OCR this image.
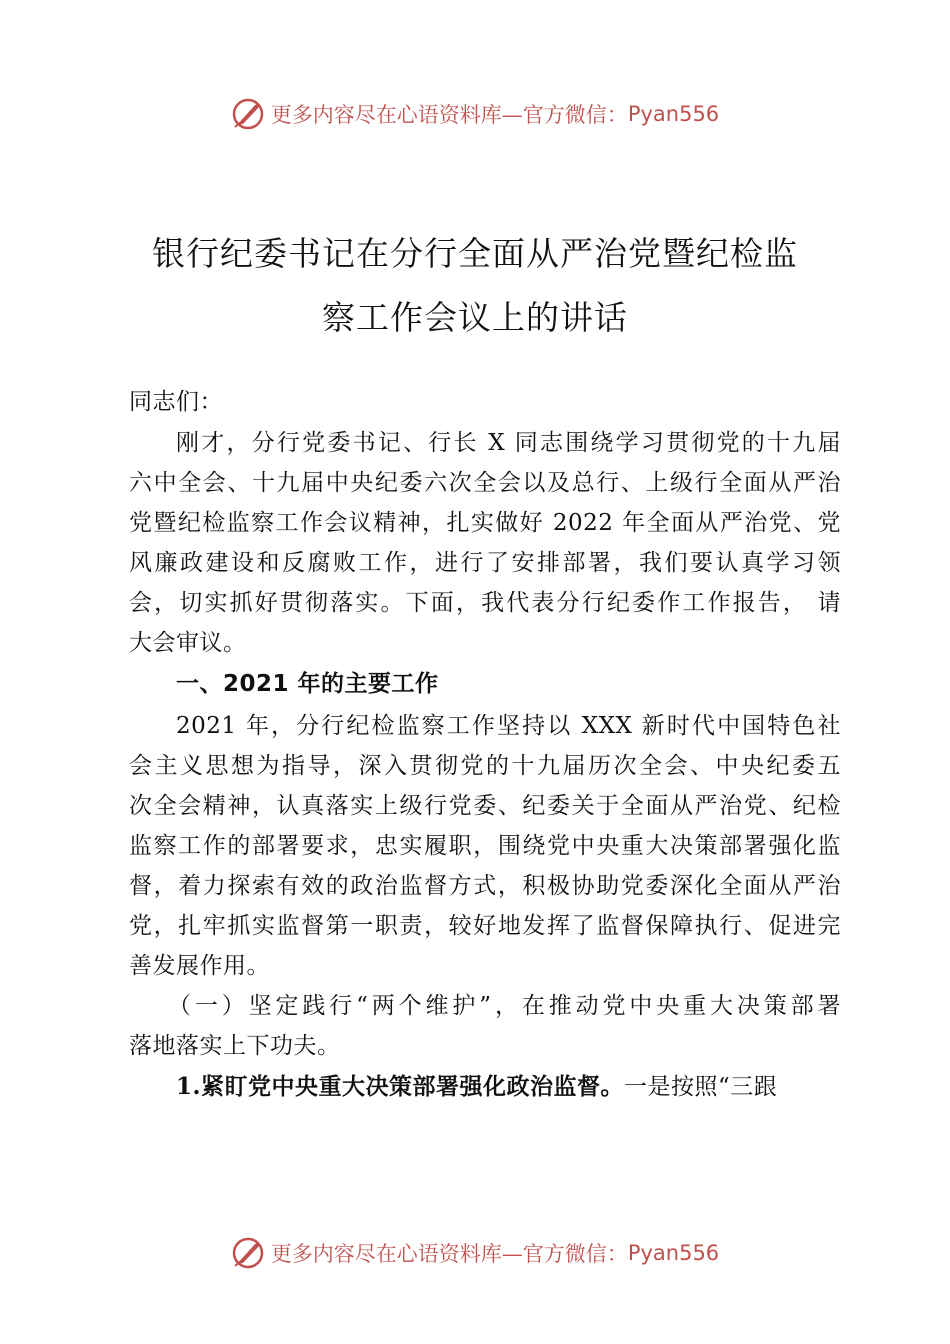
更多内容尽在心语资料库—官方微信： Pyan556
银行纪委书记在分行全面从严治党暨纪检监
察工作会议上的讲话
同志们：
刚才，分行党委书记、行长 X 同志围绕学习贯彻党的十九届
六中全会、十九届中央纪委六次全会以及总行、上级行全面从严治
党暨纪检监察工作会议精神，扎实做好 2022 年全面从严治党、党
风廉政建设和反腐败工作，进行了安排部署，我们要认真学习领
会，切实抓好贯彻落实。下面，我代表分行纪委作工作报告， 请
大会审议。
一、2021 年的主要工作
2021 年，分行纪检监察工作坚持以 XXX 新时代中国特色社
会主义思想为指导，深入贯彻党的十九届历次全会、中央纪委五
次全会精神，认真落实上级行党委、纪委关于全面从严治党、纪检
监察工作的部署要求，忠实履职，围绕党中央重大决策部署强化监
督，着力探索有效的政治监督方式，积极协助党委深化全面从严治
党，扎牢抓实监督第一职责，较好地发挥了监督保障执行、促进完
善发展作用。
（一）坚定践行“两个维护”，在推动党中央重大决策部署
落地落实上下功夫。
1.紧盯党中央重大决策部署强化政治监督。一是按照“三跟
更多内容尽在心语资料库—官方微信： Pyan556
